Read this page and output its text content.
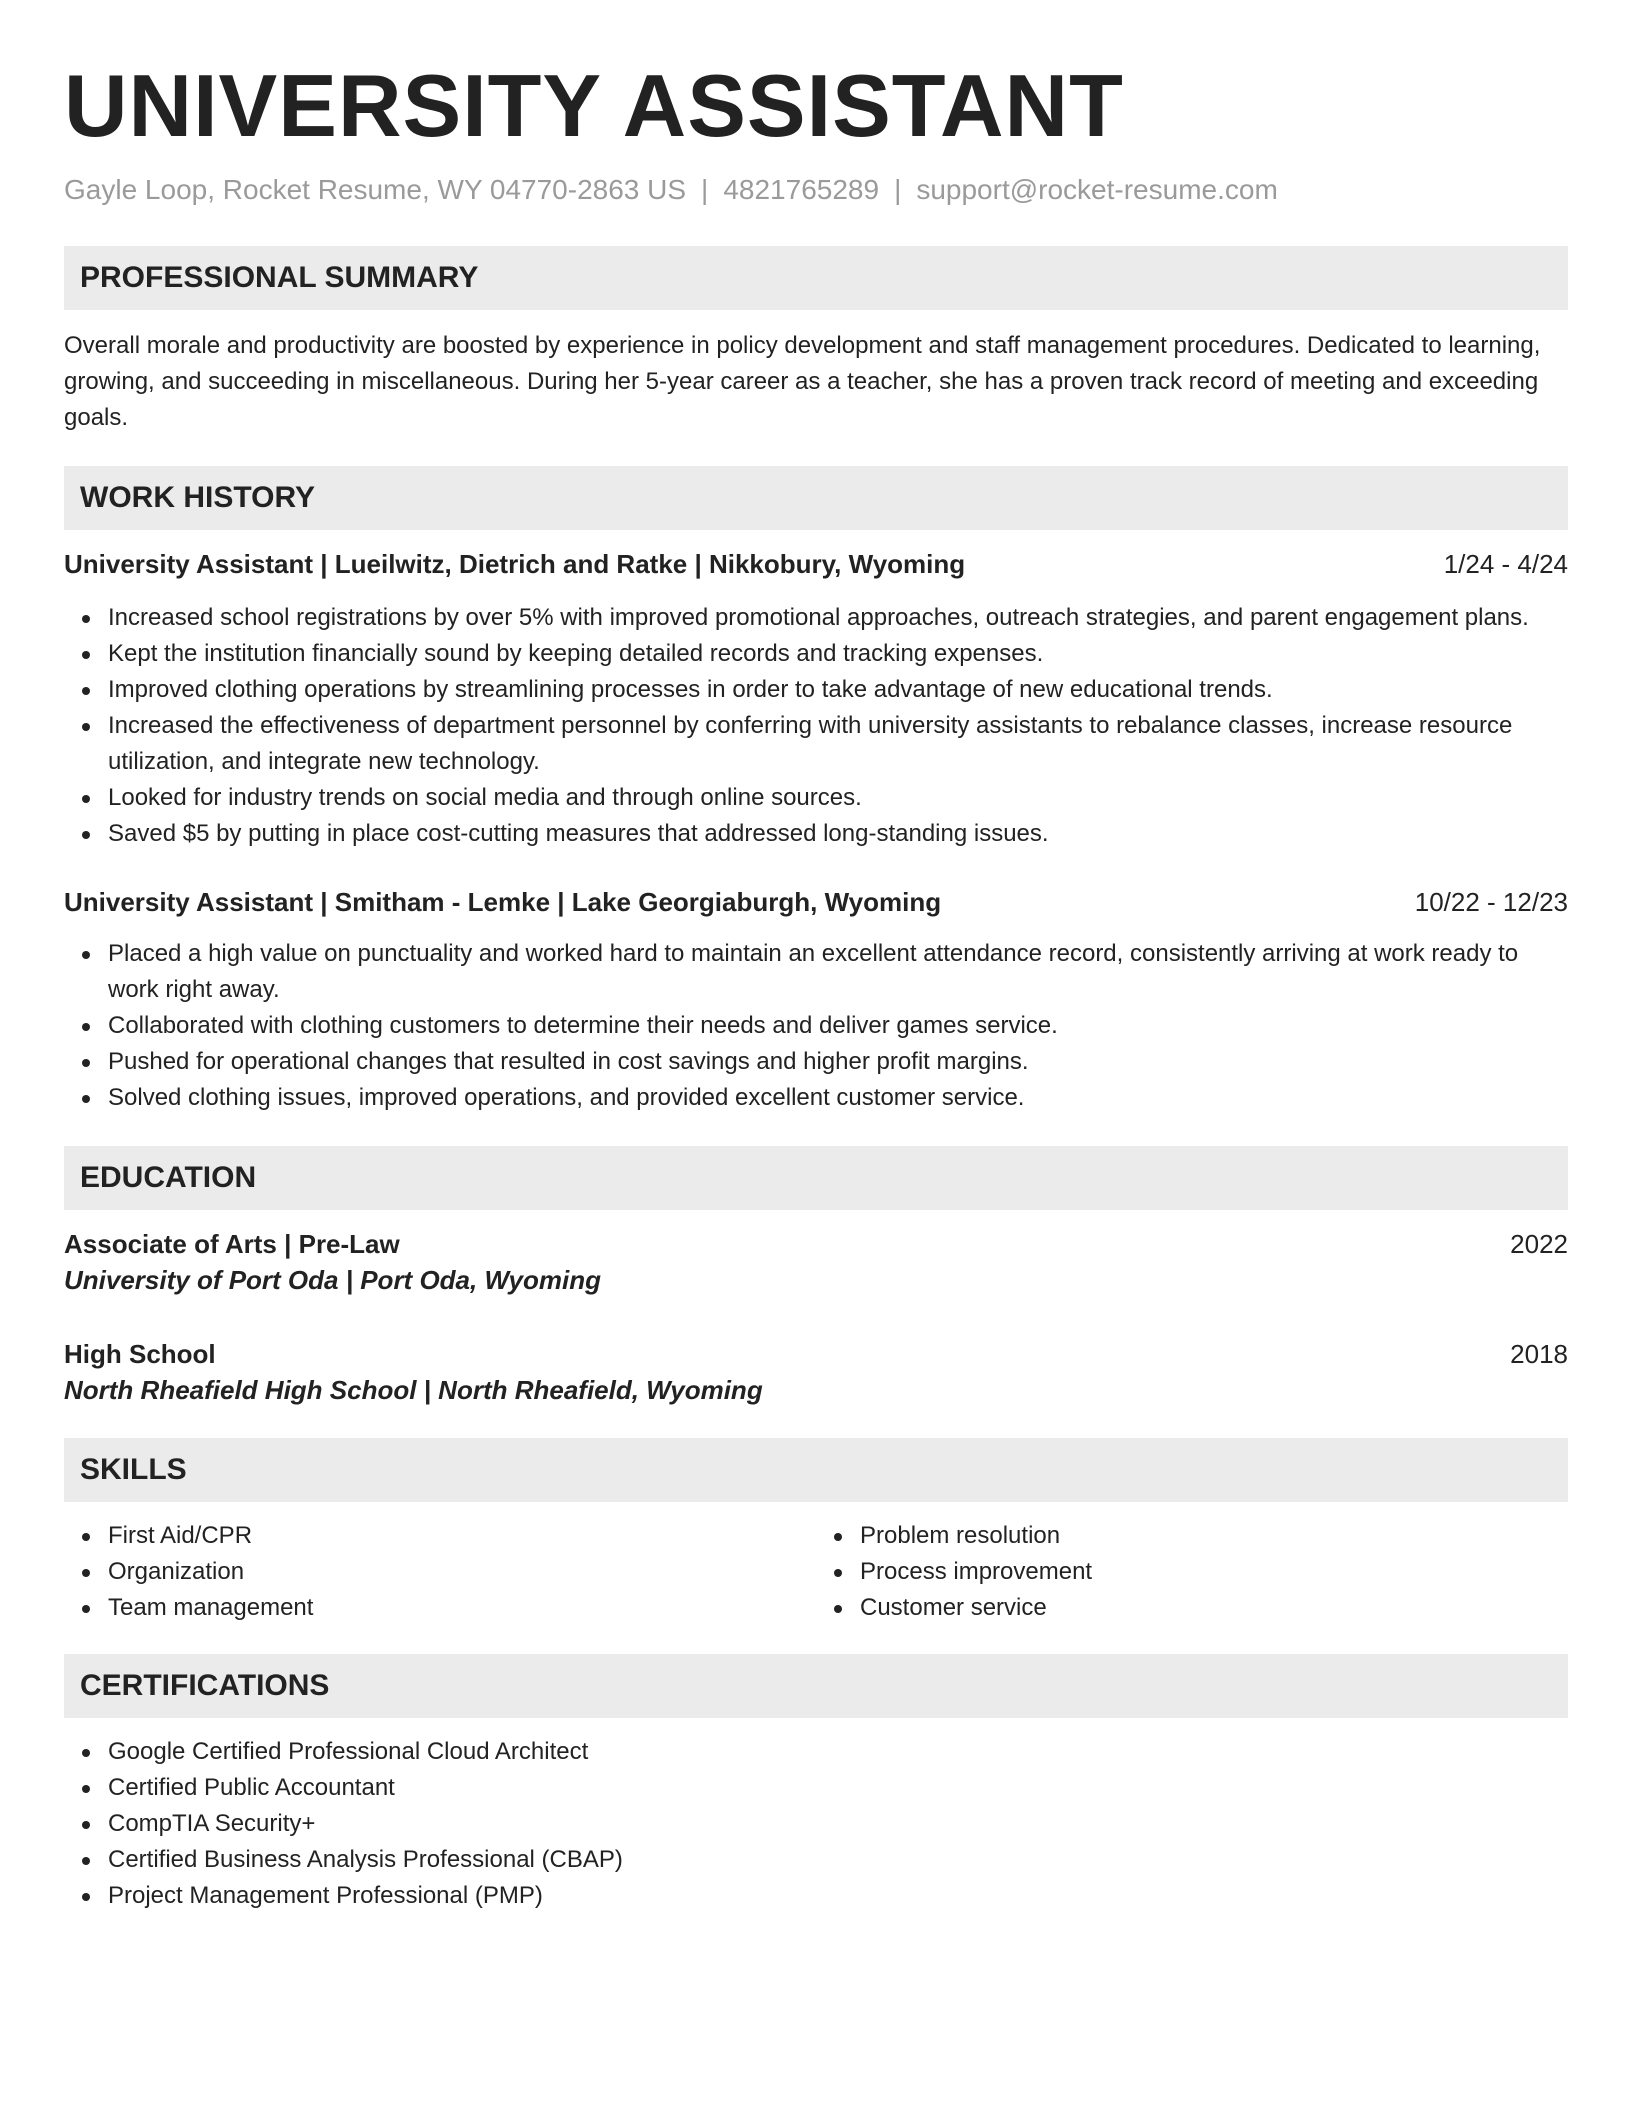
UNIVERSITY ASSISTANT
Gayle Loop, Rocket Resume, WY 04770-2863 US | 4821765289 | support@rocket-resume.com
PROFESSIONAL SUMMARY

Overall morale and productivity are boosted by experience in policy development and staff management procedures. Dedicated to learning, growing, and succeeding in miscellaneous. During her 5-year career as a teacher, she has a proven track record of meeting and exceeding goals.

WORK HISTORY
University Assistant | Lueilwitz, Dietrich and Ratke | Nikkobury, Wyoming	1/24 - 4/24
Increased school registrations by over 5% with improved promotional approaches, outreach strategies, and parent engagement plans.
Kept the institution financially sound by keeping detailed records and tracking expenses.
Improved clothing operations by streamlining processes in order to take advantage of new educational trends.
Increased the effectiveness of department personnel by conferring with university assistants to rebalance classes, increase resource utilization, and integrate new technology.
Looked for industry trends on social media and through online sources.
Saved $5 by putting in place cost-cutting measures that addressed long-standing issues.
University Assistant | Smitham - Lemke | Lake Georgiaburgh, Wyoming	10/22 - 12/23
Placed a high value on punctuality and worked hard to maintain an excellent attendance record, consistently arriving at work ready to work right away.
Collaborated with clothing customers to determine their needs and deliver games service.
Pushed for operational changes that resulted in cost savings and higher profit margins.
Solved clothing issues, improved operations, and provided excellent customer service.
EDUCATION
Associate of Arts | Pre-Law	2022
University of Port Oda | Port Oda, Wyoming
High School	2018
North Rheafield High School | North Rheafield, Wyoming
SKILLS
First Aid/CPR
Organization
Team management
Problem resolution
Process improvement
Customer service
CERTIFICATIONS
Google Certified Professional Cloud Architect
Certified Public Accountant
CompTIA Security+
Certified Business Analysis Professional (CBAP)
Project Management Professional (PMP)
